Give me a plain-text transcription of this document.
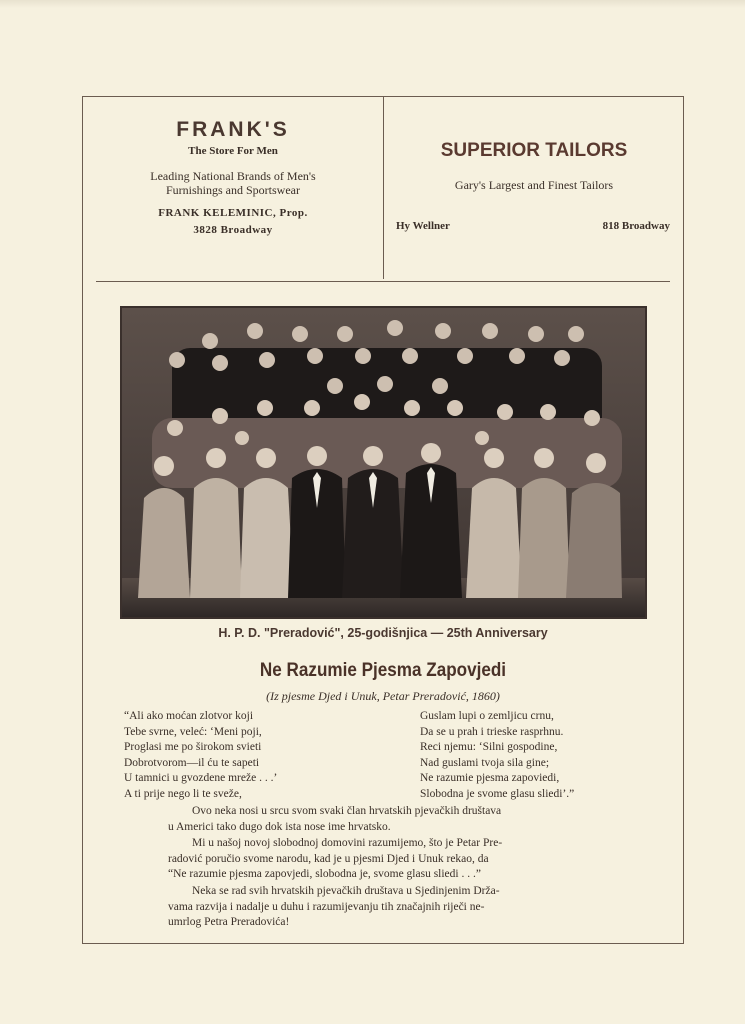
FRANK'S
The Store For Men
Leading National Brands of Men's
Furnishings and Sportswear
FRANK KELEMINIC, Prop.
3828 Broadway
SUPERIOR TAILORS
Gary's Largest and Finest Tailors
Hy Wellner	818 Broadway
H. P. D. "Preradović", 25-godišnjica — 25th Anniversary
Ne Razumie Pjesma Zapovjedi
(Iz pjesme Djed i Unuk, Petar Preradović, 1860)
“Ali ako moćan zlotvor koji
Tebe svrne, veleć: ‘Meni poji,
Proglasi me po širokom svieti
Dobrotvorom—il ću te sapeti
U tamnici u gvozdene mreže . . .’
A ti prije nego li te sveže,
Guslam lupi o zemljicu crnu,
Da se u prah i trieske rasprhnu.
Reci njemu: ‘Silni gospodine,
Nad guslami tvoja sila gine;
Ne razumie pjesma zapoviedi,
Slobodna je svome glasu sliedi’.”
Ovo neka nosi u srcu svom svaki član hrvatskih pjevačkih društava
u Americi tako dugo dok ista nose ime hrvatsko.
Mi u našoj novoj slobodnoj domovini razumijemo, što je Petar Pre-
radović poručio svome narodu, kad je u pjesmi Djed i Unuk rekao, da
“Ne razumie pjesma zapovjedi, slobodna je, svome glasu sliedi . . .”
Neka se rad svih hrvatskih pjevačkih društava u Sjedinjenim Drža-
vama razvija i nadalje u duhu i razumijevanju tih značajnih riječi ne-
umrlog Petra Preradovića!
